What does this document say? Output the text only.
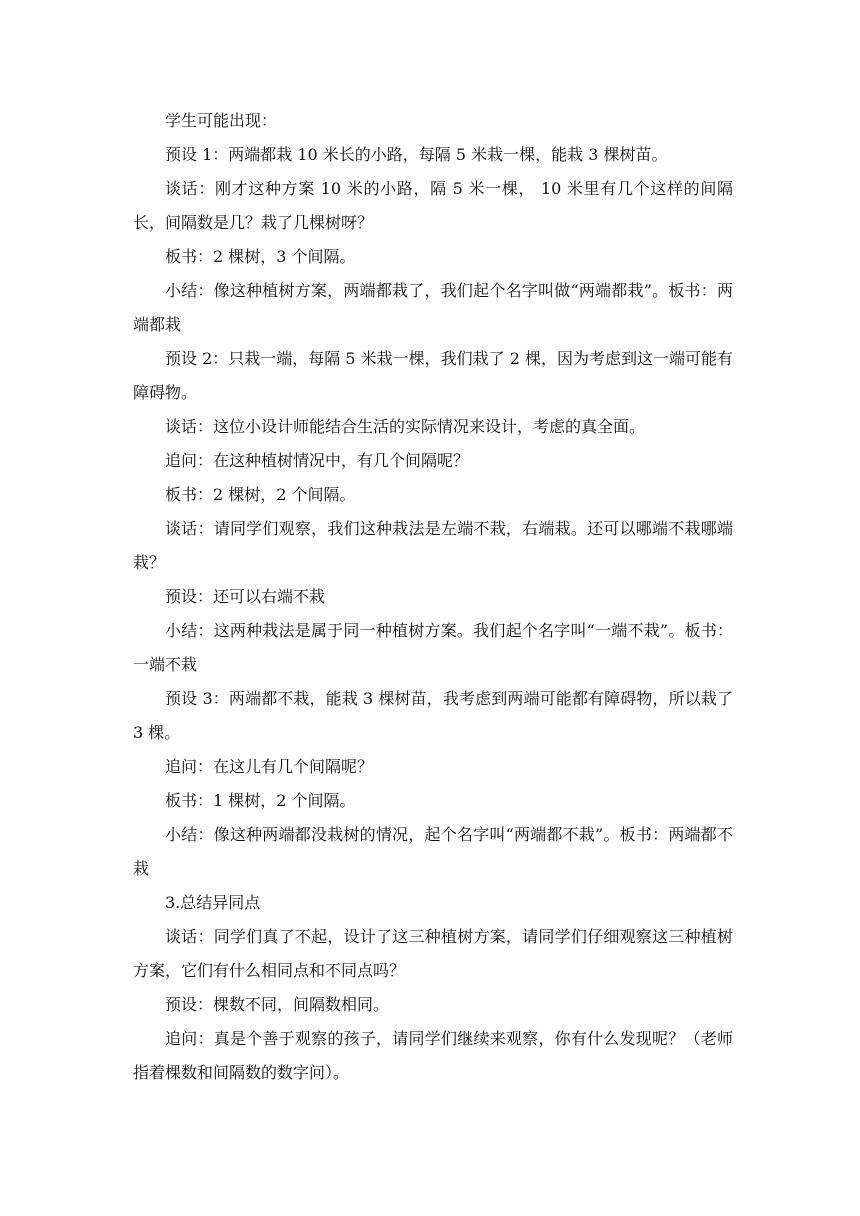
学生可能出现：

预设 1：两端都栽 10 米长的小路，每隔 5 米栽一棵，能栽 3 棵树苗。

谈话：刚才这种方案 10 米的小路，隔 5 米一棵， 10 米里有几个这样的间隔长，间隔数是几？栽了几棵树呀？

板书：2 棵树，3 个间隔。

小结：像这种植树方案，两端都栽了，我们起个名字叫做“两端都栽”。板书：两端都栽

预设 2：只栽一端，每隔 5 米栽一棵，我们栽了 2 棵，因为考虑到这一端可能有障碍物。

谈话：这位小设计师能结合生活的实际情况来设计，考虑的真全面。

追问：在这种植树情况中，有几个间隔呢？

板书：2 棵树，2 个间隔。

谈话：请同学们观察，我们这种栽法是左端不栽，右端栽。还可以哪端不栽哪端栽？

预设：还可以右端不栽

小结：这两种栽法是属于同一种植树方案。我们起个名字叫“一端不栽”。板书：一端不栽

预设 3：两端都不栽，能栽 3 棵树苗，我考虑到两端可能都有障碍物，所以栽了 3 棵。

追问：在这儿有几个间隔呢？

板书：1 棵树，2 个间隔。

小结：像这种两端都没栽树的情况，起个名字叫“两端都不栽”。板书：两端都不栽

3.总结异同点

谈话：同学们真了不起，设计了这三种植树方案，请同学们仔细观察这三种植树方案，它们有什么相同点和不同点吗？

预设：棵数不同，间隔数相同。

追问：真是个善于观察的孩子，请同学们继续来观察，你有什么发现呢？（老师指着棵数和间隔数的数字问）。
